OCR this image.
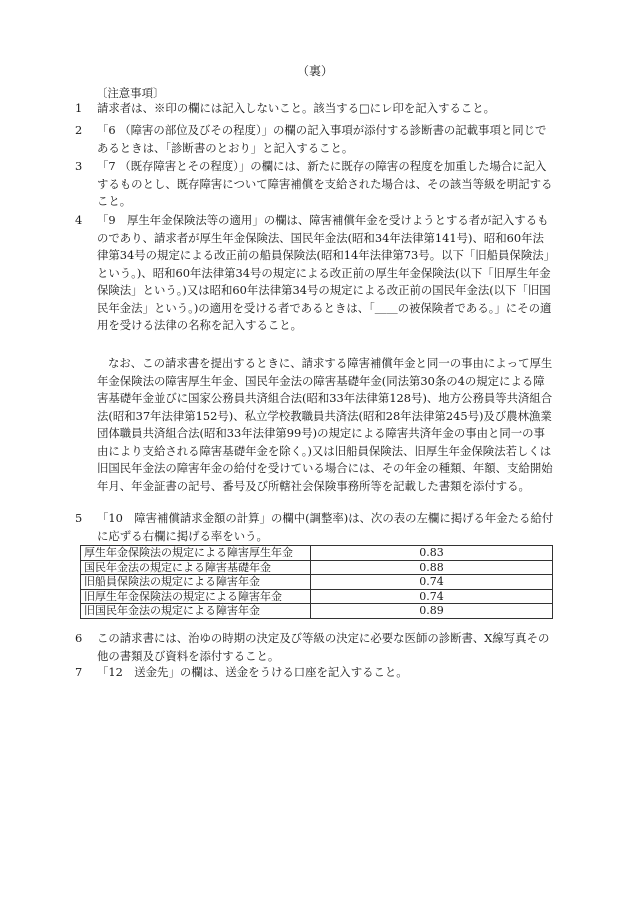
（裏）
〔注意事項〕
1	請求者は、※印の欄には記入しないこと。該当する□にレ印を記入すること。
2	「6 （障害の部位及びその程度）」の欄の記入事項が添付する診断書の記載事項と同じであるときは、「診断書のとおり」と記入すること。
3	「7 （既存障害とその程度）」の欄には、新たに既存の障害の程度を加重した場合に記入するものとし、既存障害について障害補償を支給された場合は、その該当等級を明記すること。
4	「9　厚生年金保険法等の適用」の欄は、障害補償年金を受けようとする者が記入するものであり、請求者が厚生年金保険法、国民年金法(昭和34年法律第141号)、昭和60年法律第34号の規定による改正前の船員保険法(昭和14年法律第73号。以下「旧船員保険法」という。)、昭和60年法律第34号の規定による改正前の厚生年金保険法(以下「旧厚生年金保険法」という。)又は昭和60年法律第34号の規定による改正前の国民年金法(以下「旧国民年金法」という。)の適用を受ける者であるときは、「＿＿の被保険者である。」にその適用を受ける法律の名称を記入すること。
なお、この請求書を提出するときに、請求する障害補償年金と同一の事由によって厚生年金保険法の障害厚生年金、国民年金法の障害基礎年金(同法第30条の4の規定による障害基礎年金並びに国家公務員共済組合法(昭和33年法律第128号)、地方公務員等共済組合法(昭和37年法律第152号)、私立学校教職員共済法(昭和28年法律第245号)及び農林漁業団体職員共済組合法(昭和33年法律第99号)の規定による障害共済年金の事由と同一の事由により支給される障害基礎年金を除く。)又は旧船員保険法、旧厚生年金保険法若しくは旧国民年金法の障害年金の給付を受けている場合には、その年金の種類、年額、支給開始年月、年金証書の記号、番号及び所轄社会保険事務所等を記載した書類を添付する。
5	「10　障害補償請求金額の計算」の欄中(調整率)は、次の表の左欄に掲げる年金たる給付に応ずる右欄に掲げる率をいう。
厚生年金保険法の規定による障害厚生年金	0.83
国民年金法の規定による障害基礎年金	0.88
旧船員保険法の規定による障害年金	0.74
旧厚生年金保険法の規定による障害年金	0.74
旧国民年金法の規定による障害年金	0.89
6	この請求書には、治ゆの時期の決定及び等級の決定に必要な医師の診断書、X線写真その他の書類及び資料を添付すること。
7	「12　送金先」の欄は、送金をうける口座を記入すること。
